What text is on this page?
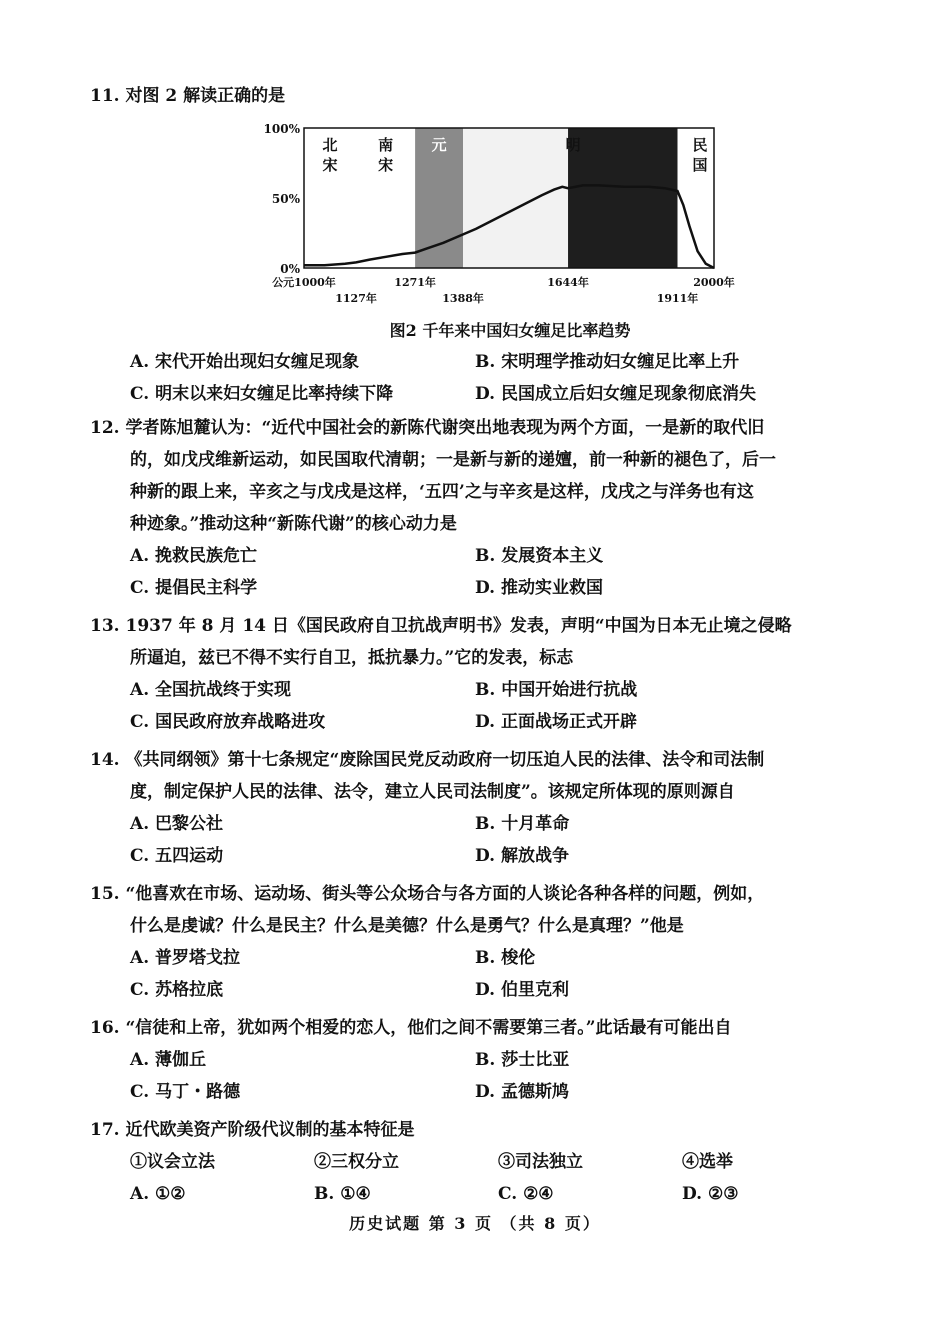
11. 对图 2 解读正确的是
北
宋
南
宋
元	明	民
国
100%
50%
0%
公元1000年	1271年	1644年	2000年
1127年	1388年	1911年
图2 千年来中国妇女缠足比率趋势
A. 宋代开始出现妇女缠足现象	B. 宋明理学推动妇女缠足比率上升
C. 明末以来妇女缠足比率持续下降	D. 民国成立后妇女缠足现象彻底消失
12. 学者陈旭麓认为：“近代中国社会的新陈代谢突出地表现为两个方面，一是新的取代旧
的，如戊戌维新运动，如民国取代清朝；一是新与新的递嬗，前一种新的褪色了，后一
种新的跟上来，辛亥之与戊戌是这样，‘五四’之与辛亥是这样，戊戌之与洋务也有这
种迹象。”推动这种“新陈代谢”的核心动力是
A. 挽救民族危亡	B. 发展资本主义
C. 提倡民主科学	D. 推动实业救国
13. 1937 年 8 月 14 日《国民政府自卫抗战声明书》发表，声明“中国为日本无止境之侵略
所逼迫，兹已不得不实行自卫，抵抗暴力。”它的发表，标志
A. 全国抗战终于实现	B. 中国开始进行抗战
C. 国民政府放弃战略进攻	D. 正面战场正式开辟
14. 《共同纲领》第十七条规定“废除国民党反动政府一切压迫人民的法律、法令和司法制
度，制定保护人民的法律、法令，建立人民司法制度”。该规定所体现的原则源自
A. 巴黎公社	B. 十月革命
C. 五四运动	D. 解放战争
15. “他喜欢在市场、运动场、街头等公众场合与各方面的人谈论各种各样的问题，例如，
什么是虔诚？什么是民主？什么是美德？什么是勇气？什么是真理？”他是
A. 普罗塔戈拉	B. 梭伦
C. 苏格拉底	D. 伯里克利
16. “信徒和上帝，犹如两个相爱的恋人，他们之间不需要第三者。”此话最有可能出自
A. 薄伽丘	B. 莎士比亚
C. 马丁・路德	D. 孟德斯鸠
17. 近代欧美资产阶级代议制的基本特征是
①议会立法	②三权分立	③司法独立	④选举
A. ①②	B. ①④	C. ②④	D. ②③
历史试题 第 3 页 （共 8 页）
